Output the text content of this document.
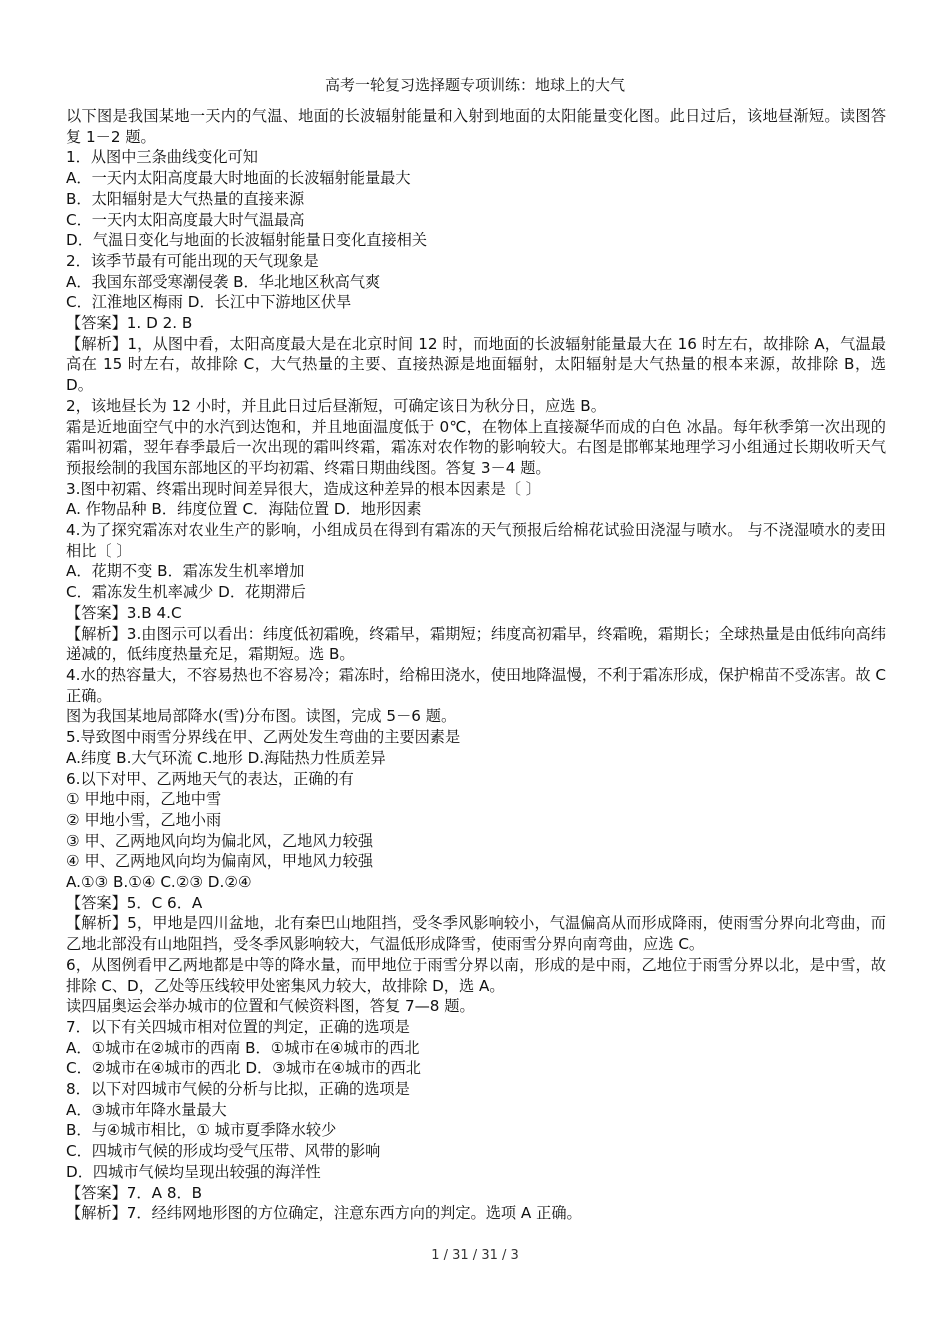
高考一轮复习选择题专项训练：地球上的大气
以下图是我国某地一天内的气温、地面的长波辐射能量和入射到地面的太阳能量变化图。此日过后，该地昼渐短。读图答复 1－2 题。
1．从图中三条曲线变化可知
A．一天内太阳高度最大时地面的长波辐射能量最大
B．太阳辐射是大气热量的直接来源
C．一天内太阳高度最大时气温最高
D．气温日变化与地面的长波辐射能量日变化直接相关
2．该季节最有可能出现的天气现象是
A．我国东部受寒潮侵袭 B．华北地区秋高气爽
C．江淮地区梅雨 D．长江中下游地区伏旱
【答案】1. D 2. B
【解析】1，从图中看，太阳高度最大是在北京时间 12 时，而地面的长波辐射能量最大在 16 时左右，故排除 A，气温最高在 15 时左右，故排除 C，大气热量的主要、直接热源是地面辐射，太阳辐射是大气热量的根本来源，故排除 B，选 D。
2，该地昼长为 12 小时，并且此日过后昼渐短，可确定该日为秋分日，应选 B。
霜是近地面空气中的水汽到达饱和，并且地面温度低于 0℃，在物体上直接凝华而成的白色 冰晶。每年秋季第一次出现的霜叫初霜，翌年春季最后一次出现的霜叫终霜，霜冻对农作物的影响较大。右图是邯郸某地理学习小组通过长期收听天气预报绘制的我国东部地区的平均初霜、终霜日期曲线图。答复 3－4 题。
3.图中初霜、终霜出现时间差异很大，造成这种差异的根本因素是〔 〕
A. 作物品种 B．纬度位置 C．海陆位置 D．地形因素
4.为了探究霜冻对农业生产的影响，小组成员在得到有霜冻的天气预报后给棉花试验田浇湿与喷水。 与不浇湿喷水的麦田相比〔 〕
A．花期不变 B．霜冻发生机率增加
C．霜冻发生机率减少 D．花期滞后
【答案】3.B 4.C
【解析】3.由图示可以看出：纬度低初霜晚，终霜早，霜期短；纬度高初霜早，终霜晚，霜期长；全球热量是由低纬向高纬递减的，低纬度热量充足，霜期短。选 B。
4.水的热容量大，不容易热也不容易冷；霜冻时，给棉田浇水，使田地降温慢，不利于霜冻形成，保护棉苗不受冻害。故 C 正确。
图为我国某地局部降水(雪)分布图。读图，完成 5－6 题。
5.导致图中雨雪分界线在甲、乙两处发生弯曲的主要因素是
A.纬度 B.大气环流 C.地形 D.海陆热力性质差异
6.以下对甲、乙两地天气的表达，正确的有
① 甲地中雨，乙地中雪
② 甲地小雪，乙地小雨
③ 甲、乙两地风向均为偏北风，乙地风力较强
④ 甲、乙两地风向均为偏南风，甲地风力较强
A.①③ B.①④ C.②③ D.②④
【答案】5．C 6．A
【解析】5，甲地是四川盆地，北有秦巴山地阻挡，受冬季风影响较小，气温偏高从而形成降雨，使雨雪分界向北弯曲，而乙地北部没有山地阻挡，受冬季风影响较大，气温低形成降雪，使雨雪分界向南弯曲，应选 C。
6，从图例看甲乙两地都是中等的降水量，而甲地位于雨雪分界以南，形成的是中雨，乙地位于雨雪分界以北，是中雪，故排除 C、D，乙处等压线较甲处密集风力较大，故排除 D，选 A。
读四届奥运会举办城市的位置和气候资料图，答复 7—8 题。
7．以下有关四城市相对位置的判定，正确的选项是
A．①城市在②城市的西南 B．①城市在④城市的西北
C．②城市在④城市的西北 D．③城市在④城市的西北
8．以下对四城市气候的分析与比拟，正确的选项是
A．③城市年降水量最大
B．与④城市相比，① 城市夏季降水较少
C．四城市气候的形成均受气压带、风带的影响
D．四城市气候均呈现出较强的海洋性
【答案】7．A 8．B
【解析】7．经纬网地形图的方位确定，注意东西方向的判定。选项 A 正确。
1 / 31 / 31 / 3
